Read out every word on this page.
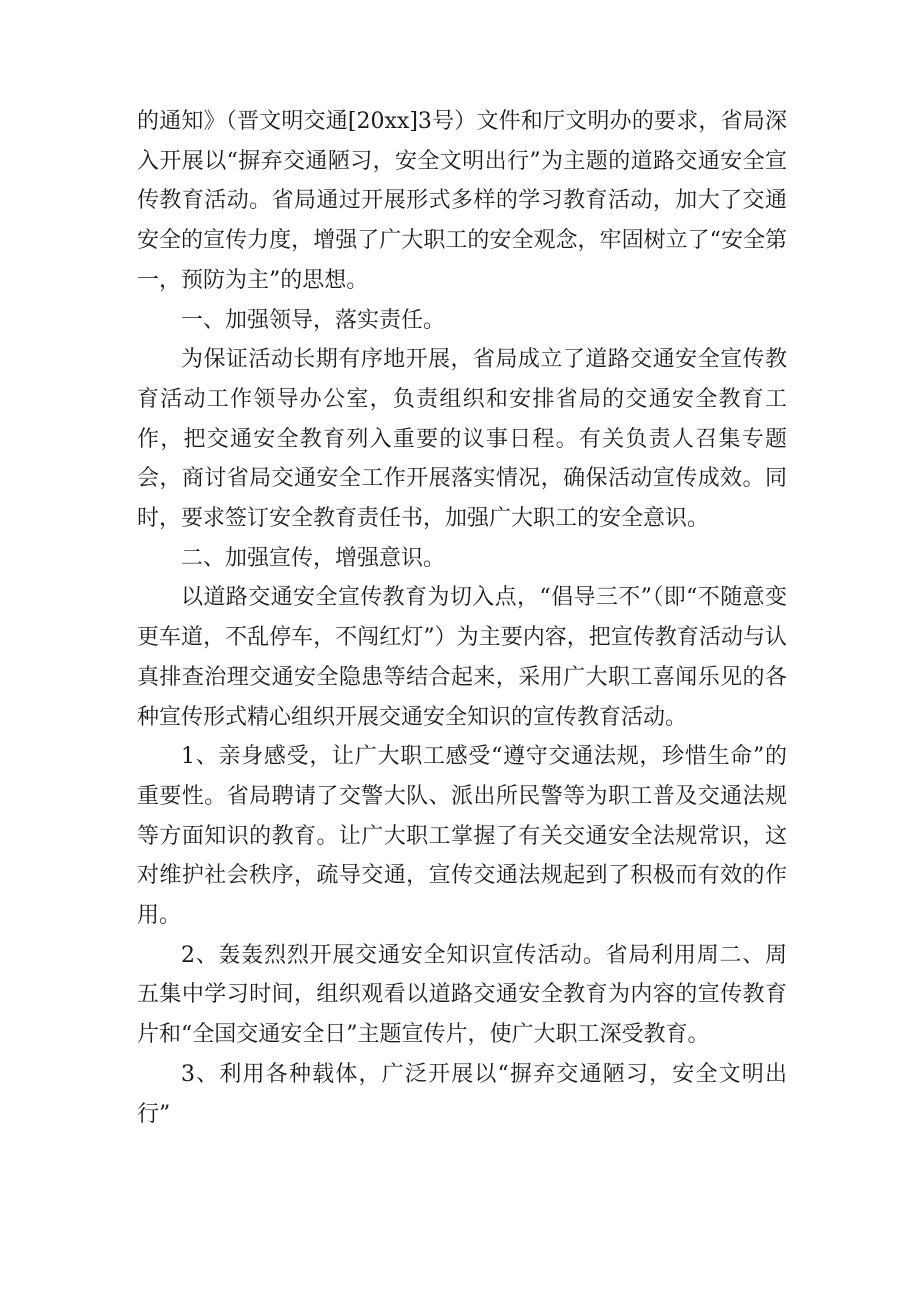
的通知》（晋文明交通[20xx]3号）文件和厅文明办的要求，省局深入开展以“摒弃交通陋习，安全文明出行”为主题的道路交通安全宣传教育活动。省局通过开展形式多样的学习教育活动，加大了交通安全的宣传力度，增强了广大职工的安全观念，牢固树立了“安全第一，预防为主”的思想。

一、加强领导，落实责任。

为保证活动长期有序地开展，省局成立了道路交通安全宣传教育活动工作领导办公室，负责组织和安排省局的交通安全教育工作，把交通安全教育列入重要的议事日程。有关负责人召集专题会，商讨省局交通安全工作开展落实情况，确保活动宣传成效。同时，要求签订安全教育责任书，加强广大职工的安全意识。

二、加强宣传，增强意识。

以道路交通安全宣传教育为切入点，“倡导三不”（即“不随意变更车道，不乱停车，不闯红灯”）为主要内容，把宣传教育活动与认真排查治理交通安全隐患等结合起来，采用广大职工喜闻乐见的各种宣传形式精心组织开展交通安全知识的宣传教育活动。

1、亲身感受，让广大职工感受“遵守交通法规，珍惜生命”的重要性。省局聘请了交警大队、派出所民警等为职工普及交通法规等方面知识的教育。让广大职工掌握了有关交通安全法规常识，这对维护社会秩序，疏导交通，宣传交通法规起到了积极而有效的作用。

2、轰轰烈烈开展交通安全知识宣传活动。省局利用周二、周五集中学习时间，组织观看以道路交通安全教育为内容的宣传教育片和“全国交通安全日”主题宣传片，使广大职工深受教育。

3、利用各种载体，广泛开展以“摒弃交通陋习，安全文明出行”
